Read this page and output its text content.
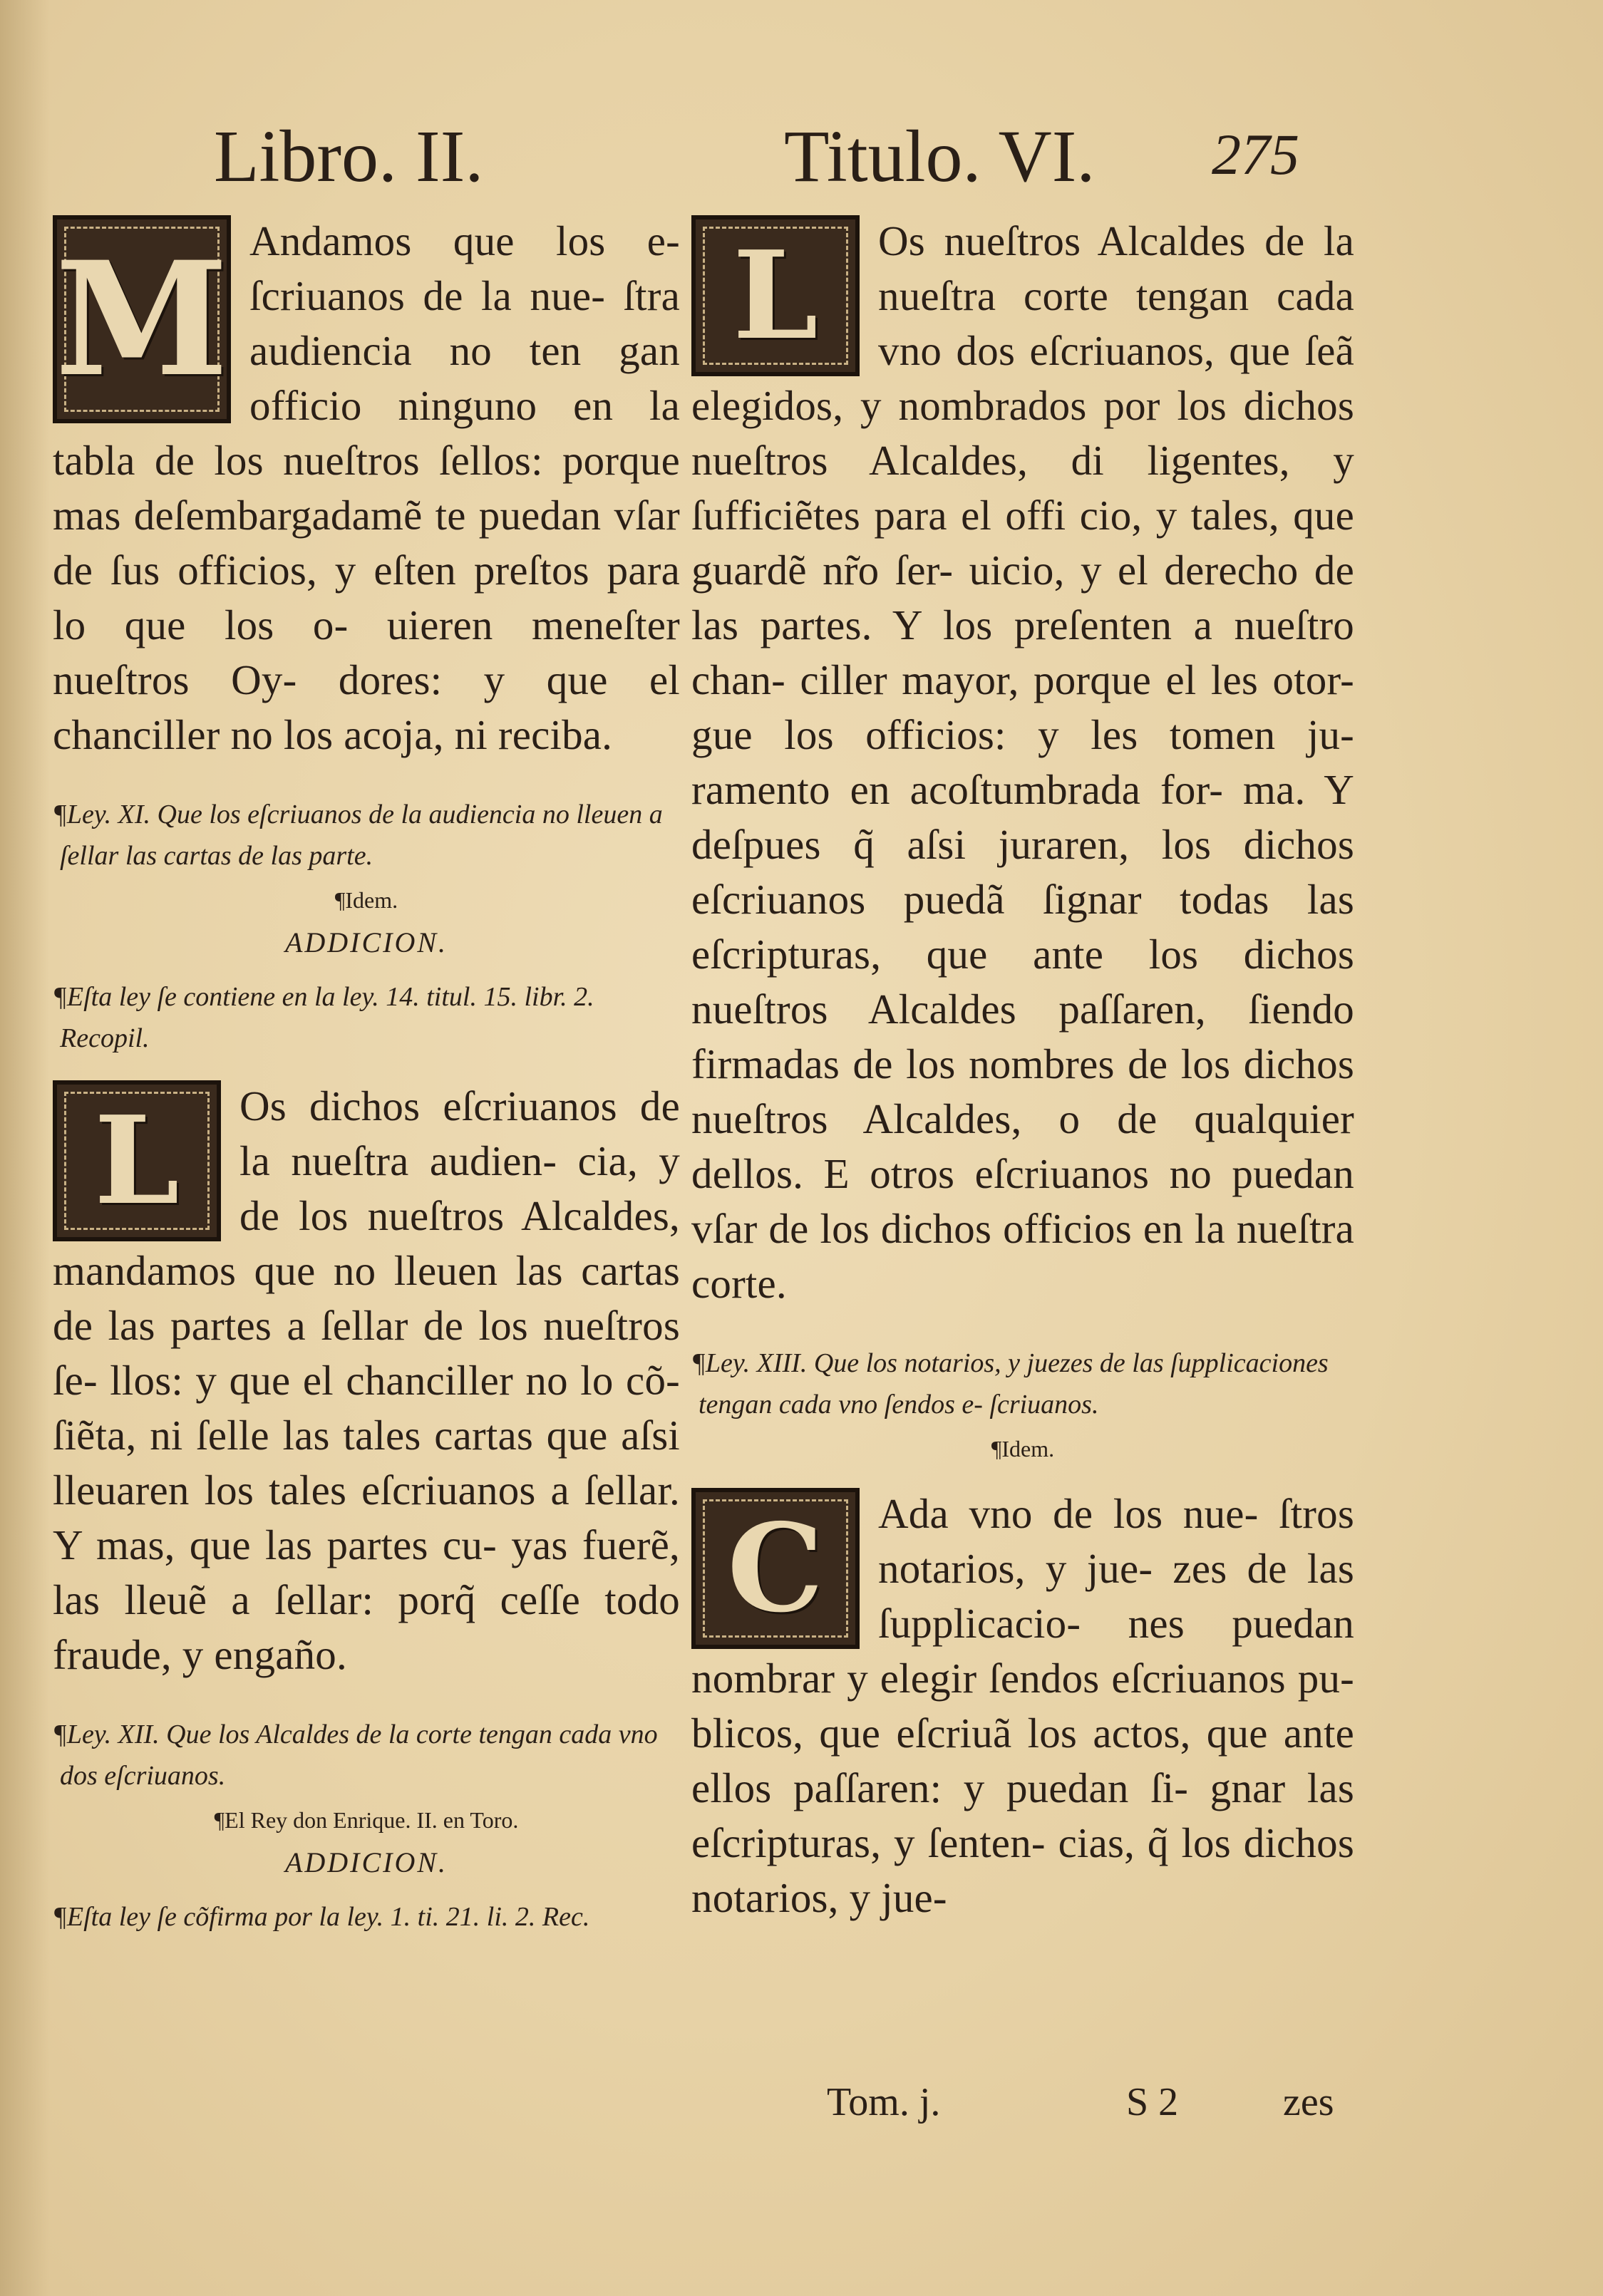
Libro. II.	Titulo. VI. 275

M Andamos que los e- ſcriuanos de la nue- ſtra audiencia no ten gan officio ninguno en la tabla de los nueſtros ſellos: porque mas deſembargadamẽ te puedan vſar de ſus officios, y eſten preſtos para lo que los o- uieren meneſter nueſtros Oy- dores: y que el chanciller no los acoja, ni reciba.

¶Ley. XI. Que los eſcriuanos de la audiencia no lleuen a ſellar las cartas de las parte.

¶Idem.

ADDICION.

¶Eſta ley ſe contiene en la ley. 14. titul. 15. libr. 2. Recopil.

L Os dichos eſcriuanos de la nueſtra audien- cia, y de los nueſtros Alcaldes, mandamos que no lleuen las cartas de las partes a ſellar de los nueſtros ſe- llos: y que el chanciller no lo cõ- ſiẽta, ni ſelle las tales cartas que aſsi lleuaren los tales eſcriuanos a ſellar. Y mas, que las partes cu- yas fuerẽ, las lleuẽ a ſellar: porq̃ ceſſe todo fraude, y engaño.

¶Ley. XII. Que los Alcaldes de la corte tengan cada vno dos eſcriuanos.

¶El Rey don Enrique. II. en Toro.

ADDICION.

¶Eſta ley ſe cõfirma por la ley. 1. ti. 21. li. 2. Rec.

L Os nueſtros Alcaldes de la nueſtra corte tengan cada vno dos eſcriuanos, que ſeã elegidos, y nombrados por los dichos nueſtros Alcaldes, di ligentes, y ſufficiẽtes para el offi cio, y tales, que guardẽ nr̃o ſer- uicio, y el derecho de las partes. Y los preſenten a nueſtro chan- ciller mayor, porque el les otor- gue los officios: y les tomen ju- ramento en acoſtumbrada for- ma. Y deſpues q̃ aſsi juraren, los dichos eſcriuanos puedã ſignar todas las eſcripturas, que ante los dichos nueſtros Alcaldes paſſaren, ſiendo firmadas de los nombres de los dichos nueſtros Alcaldes, o de qualquier dellos. E otros eſcriuanos no puedan vſar de los dichos officios en la nueſtra corte.

¶Ley. XIII. Que los notarios, y juezes de las ſupplicaciones tengan cada vno ſendos e- ſcriuanos.

¶Idem.

C Ada vno de los nue- ſtros notarios, y jue- zes de las ſupplicacio- nes puedan nombrar y elegir ſendos eſcriuanos pu- blicos, que eſcriuã los actos, que ante ellos paſſaren: y puedan ſi- gnar las eſcripturas, y ſenten- cias, q̃ los dichos notarios, y jue-

Tom. j.	S 2	zes
